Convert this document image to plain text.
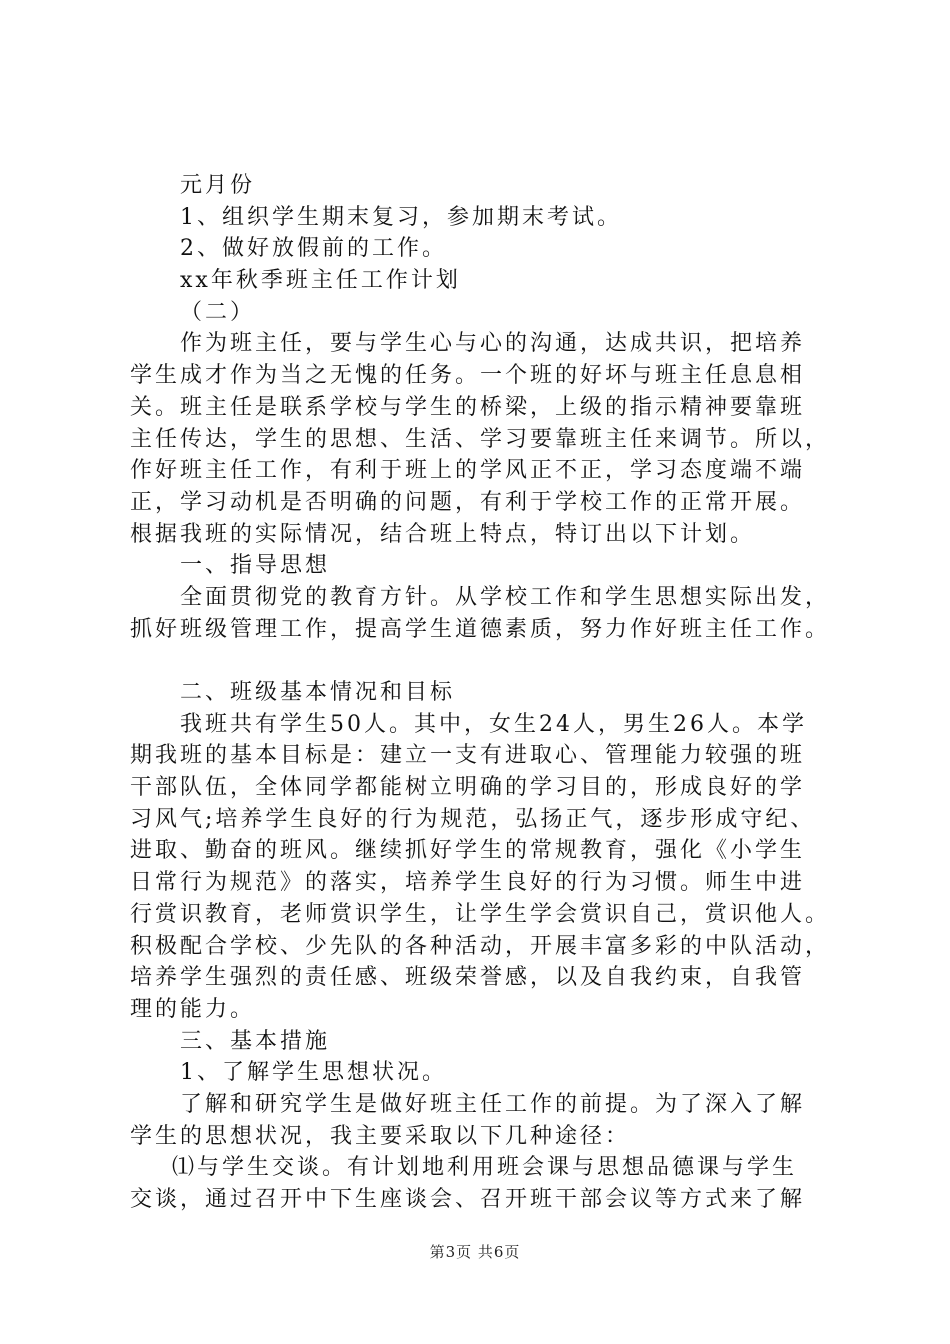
元月份
1、组织学生期末复习，参加期末考试。
2、做好放假前的工作。
xx年秋季班主任工作计划
（二）
作为班主任，要与学生心与心的沟通，达成共识，把培养
学生成才作为当之无愧的任务。一个班的好坏与班主任息息相
关。班主任是联系学校与学生的桥梁，上级的指示精神要靠班
主任传达，学生的思想、生活、学习要靠班主任来调节。所以，
作好班主任工作，有利于班上的学风正不正，学习态度端不端
正，学习动机是否明确的问题，有利于学校工作的正常开展。
根据我班的实际情况，结合班上特点，特订出以下计划。
一、指导思想
全面贯彻党的教育方针。从学校工作和学生思想实际出发，
抓好班级管理工作，提高学生道德素质，努力作好班主任工作。
二、班级基本情况和目标
我班共有学生50人。其中，女生24人，男生26人。本学
期我班的基本目标是：建立一支有进取心、管理能力较强的班
干部队伍，全体同学都能树立明确的学习目的，形成良好的学
习风气;培养学生良好的行为规范，弘扬正气，逐步形成守纪、
进取、勤奋的班风。继续抓好学生的常规教育，强化《小学生
日常行为规范》的落实，培养学生良好的行为习惯。师生中进
行赏识教育，老师赏识学生，让学生学会赏识自己，赏识他人。
积极配合学校、少先队的各种活动，开展丰富多彩的中队活动，
培养学生强烈的责任感、班级荣誉感，以及自我约束，自我管
理的能力。
三、基本措施
1、了解学生思想状况。
了解和研究学生是做好班主任工作的前提。为了深入了解
学生的思想状况，我主要采取以下几种途径：
⑴与学生交谈。有计划地利用班会课与思想品德课与学生
交谈，通过召开中下生座谈会、召开班干部会议等方式来了解
第3页 共6页
